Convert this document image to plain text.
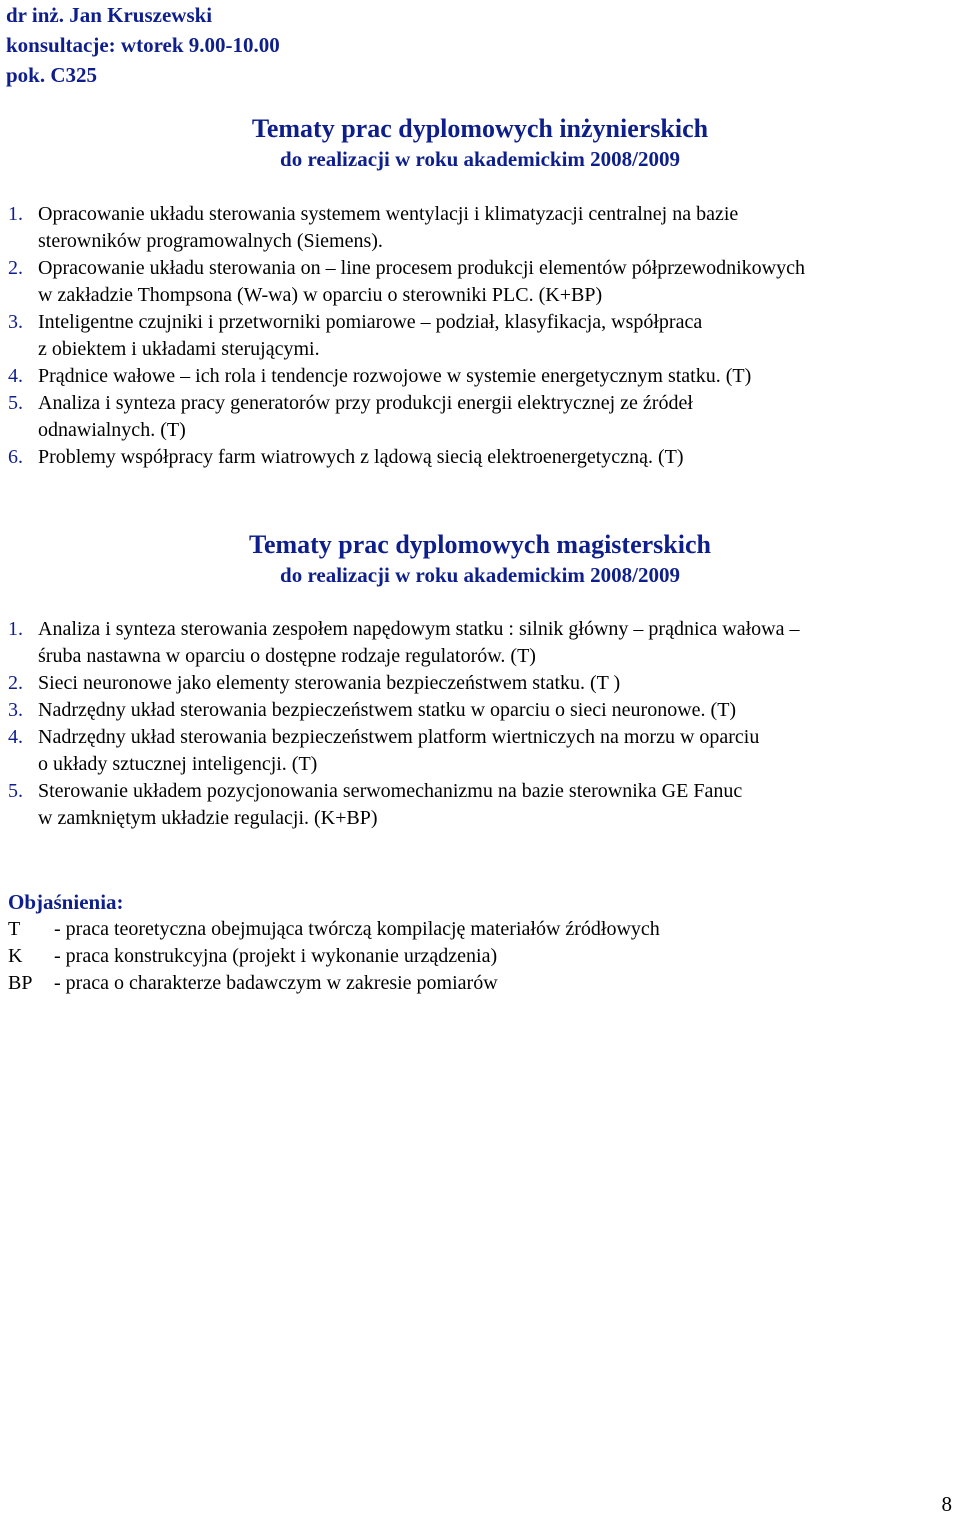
dr inż. Jan Kruszewski
konsultacje: wtorek 9.00-10.00
pok. C325
Tematy prac dyplomowych inżynierskich
do realizacji w roku akademickim 2008/2009
1. Opracowanie układu sterowania systemem wentylacji i klimatyzacji centralnej na bazie
sterowników programowalnych (Siemens).
2. Opracowanie układu sterowania on – line procesem produkcji elementów półprzewodnikowych
w zakładzie Thompsona (W-wa) w oparciu o sterowniki PLC. (K+BP)
3. Inteligentne czujniki i przetworniki pomiarowe – podział, klasyfikacja, współpraca
z obiektem i układami sterującymi.
4. Prądnice wałowe – ich rola i tendencje rozwojowe w systemie energetycznym statku. (T)
5. Analiza i synteza pracy generatorów przy produkcji energii elektrycznej ze źródeł
odnawialnych. (T)
6. Problemy współpracy farm wiatrowych z lądową siecią elektroenergetyczną. (T)
Tematy prac dyplomowych magisterskich
do realizacji w roku akademickim 2008/2009
1. Analiza i synteza sterowania zespołem napędowym statku : silnik główny – prądnica wałowa –
śruba nastawna w oparciu o dostępne rodzaje regulatorów. (T)
2. Sieci neuronowe jako elementy sterowania bezpieczeństwem statku. (T )
3. Nadrzędny układ sterowania bezpieczeństwem statku w oparciu o sieci neuronowe. (T)
4. Nadrzędny układ sterowania bezpieczeństwem platform wiertniczych na morzu w oparciu
o układy sztucznej inteligencji. (T)
5. Sterowanie układem pozycjonowania serwomechanizmu na bazie sterownika GE Fanuc
w zamkniętym układzie regulacji. (K+BP)
Objaśnienia:
T - praca teoretyczna obejmująca twórczą kompilację materiałów źródłowych
K - praca konstrukcyjna (projekt i wykonanie urządzenia)
BP - praca o charakterze badawczym w zakresie pomiarów
8
